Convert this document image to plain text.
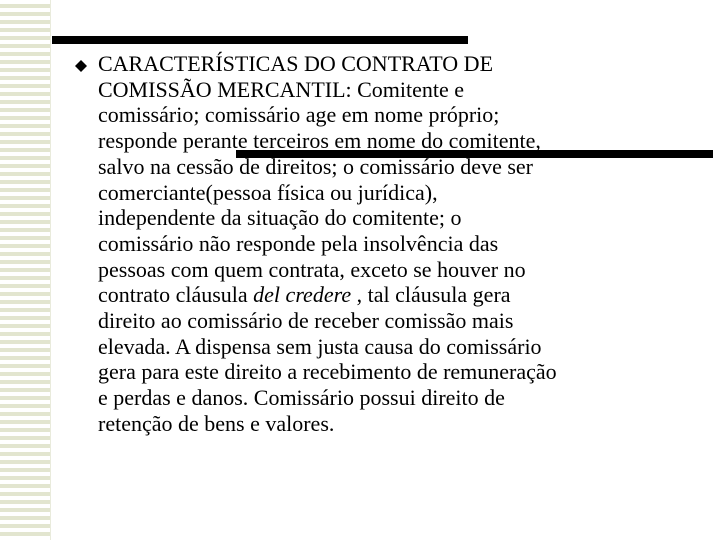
CARACTERÍSTICAS DO CONTRATO DE
COMISSÃO MERCANTIL: Comitente e
comissário; comissário age em nome próprio;
responde perante terceiros em nome do comitente,
salvo na cessão de direitos; o comissário deve ser
comerciante(pessoa física ou jurídica),
independente da situação do comitente; o
comissário não responde pela insolvência das
pessoas com quem contrata, exceto se houver no
contrato cláusula del credere , tal cláusula gera
direito ao comissário de receber comissão mais
elevada. A dispensa sem justa causa do comissário
gera para este direito a recebimento de remuneração
e perdas e danos. Comissário possui direito de
retenção de bens e valores.
